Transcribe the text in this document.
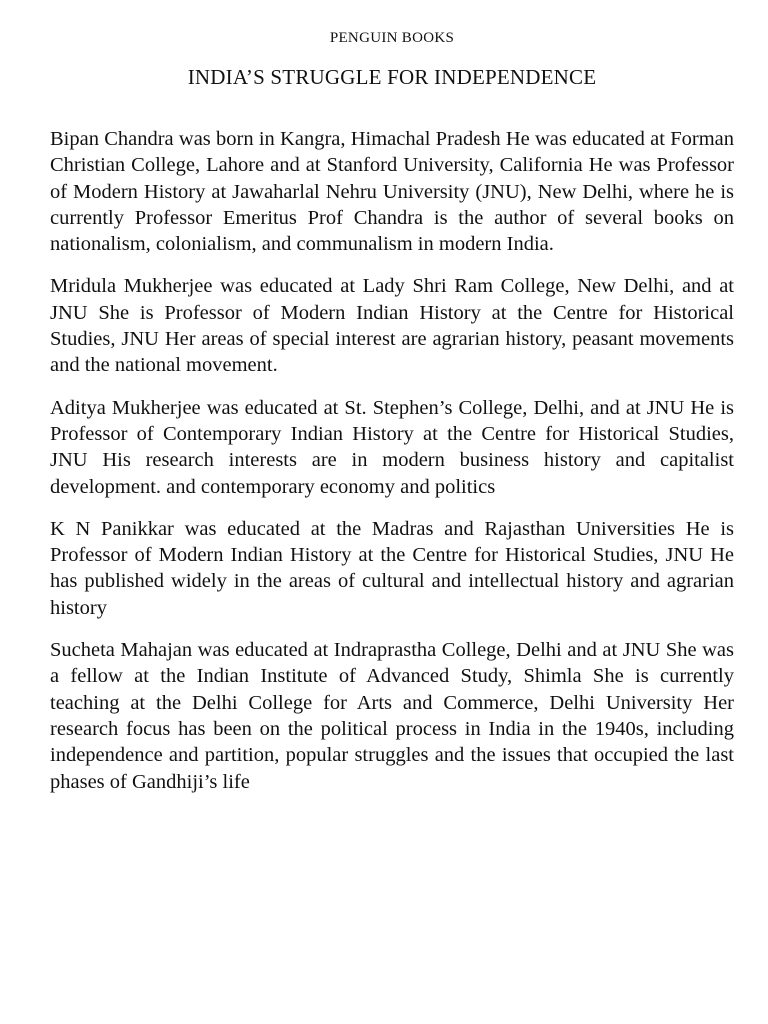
PENGUIN BOOKS
INDIA’S STRUGGLE FOR INDEPENDENCE

Bipan Chandra was born in Kangra, Himachal Pradesh He was educated at Forman Christian College, Lahore and at Stanford University, California He was Professor of Modern History at Jawaharlal Nehru University (JNU), New Delhi, where he is currently Professor Emeritus Prof Chandra is the author of several books on nationalism, colonialism, and communalism in modern India.

Mridula Mukherjee was educated at Lady Shri Ram College, New Delhi, and at JNU She is Professor of Modern Indian History at the Centre for Historical Studies, JNU Her areas of special interest are agrarian history, peasant movements and the national movement.

Aditya Mukherjee was educated at St. Stephen’s College, Delhi, and at JNU He is Professor of Contemporary Indian History at the Centre for Historical Studies, JNU His research interests are in modern business history and capitalist development. and contemporary economy and politics

K N Panikkar was educated at the Madras and Rajasthan Universities He is Professor of Modern Indian History at the Centre for Historical Studies, JNU He has published widely in the areas of cultural and intellectual history and agrarian history

Sucheta Mahajan was educated at Indraprastha College, Delhi and at JNU She was a fellow at the Indian Institute of Advanced Study, Shimla She is currently teaching at the Delhi College for Arts and Commerce, Delhi University Her research focus has been on the political process in India in the 1940s, including independence and partition, popular struggles and the issues that occupied the last phases of Gandhiji’s life
